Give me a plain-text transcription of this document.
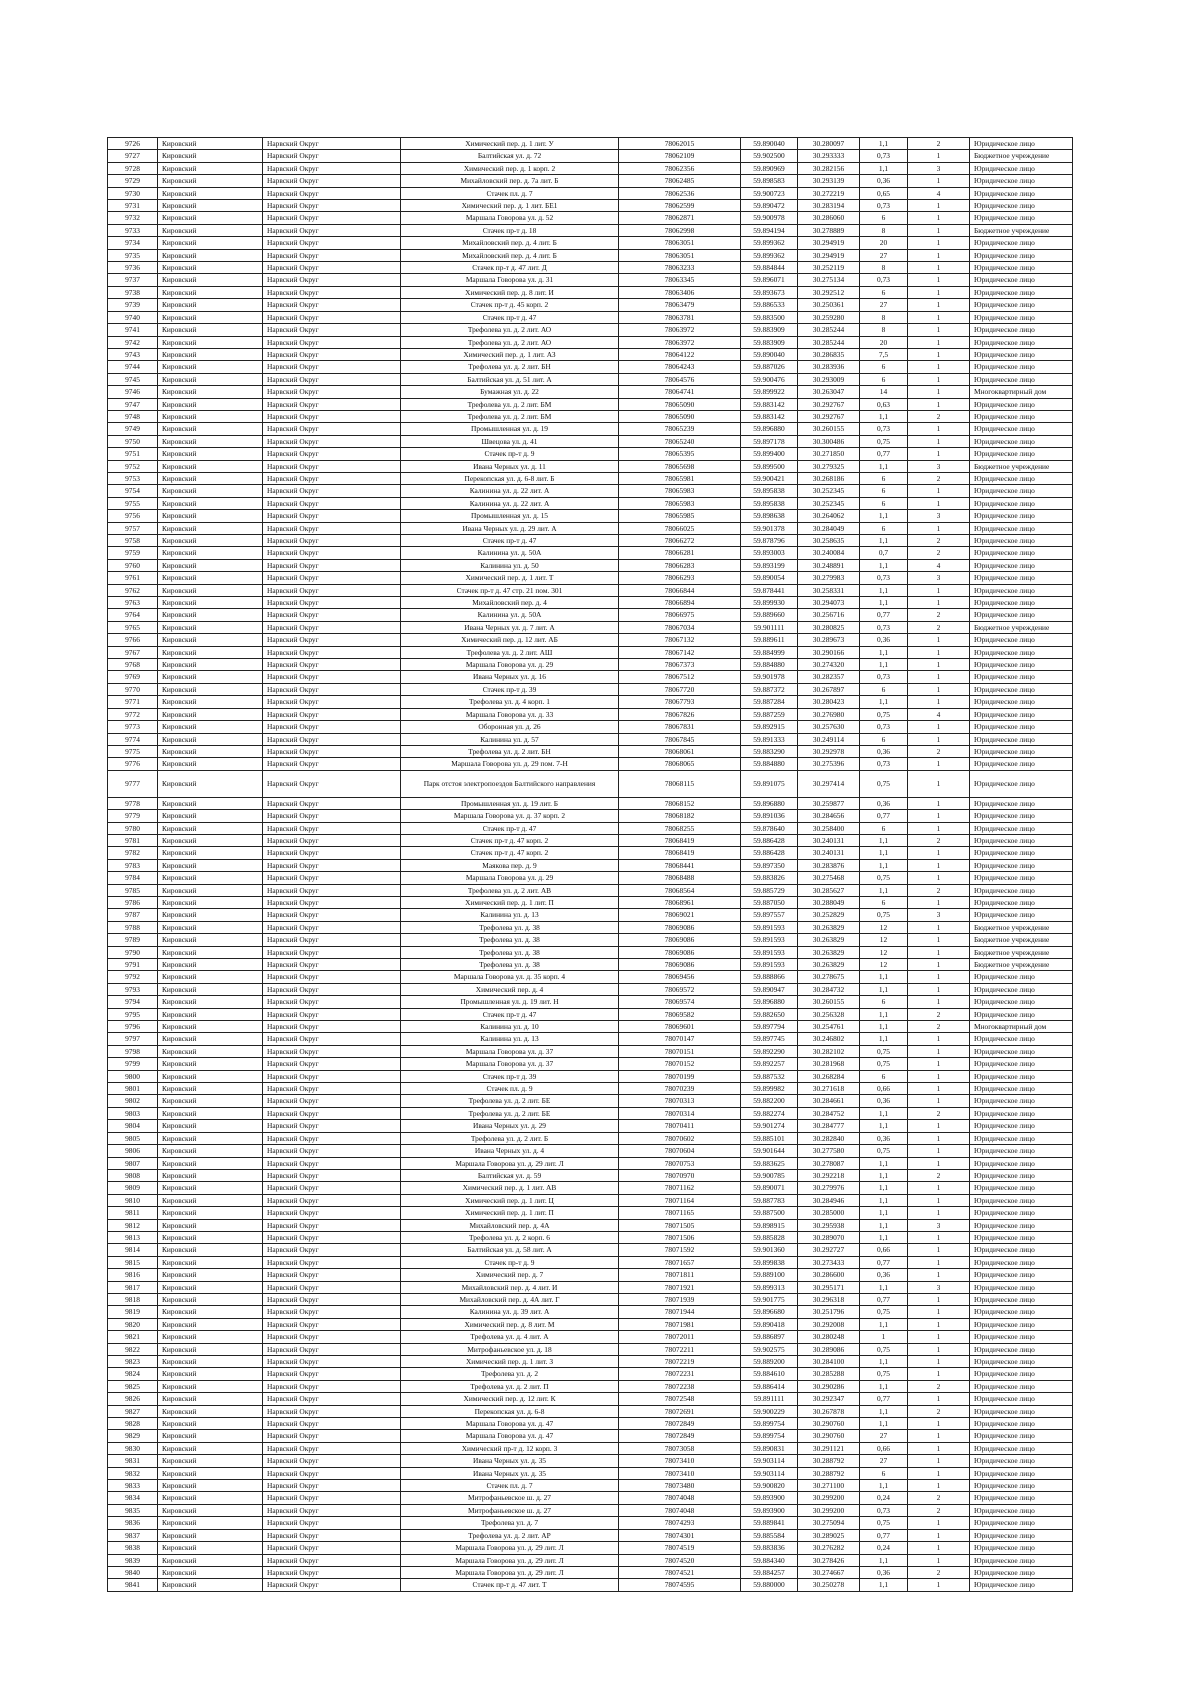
9726	Кировский	Нарвский Округ	Химический пер. д. 1 лит. У	78062015	59.890040	30.280097	1,1	2	Юридическое лицо
9727	Кировский	Нарвский Округ	Балтийская ул. д. 72	78062109	59.902500	30.293333	0,73	1	Бюджетное учреждение
9728	Кировский	Нарвский Округ	Химический пер. д. 1 корп. 2	78062356	59.890969	30.282156	1,1	3	Юридическое лицо
9729	Кировский	Нарвский Округ	Михайловский пер. д. 7а лит. Б	78062485	59.898583	30.293139	0,36	1	Юридическое лицо
9730	Кировский	Нарвский Округ	Стачек пл. д. 7	78062536	59.900723	30.272219	0,65	4	Юридическое лицо
9731	Кировский	Нарвский Округ	Химический пер. д. 1 лит. БЕ1	78062599	59.890472	30.283194	0,73	1	Юридическое лицо
9732	Кировский	Нарвский Округ	Маршала Говорова ул. д. 52	78062871	59.900978	30.286060	6	1	Юридическое лицо
9733	Кировский	Нарвский Округ	Стачек пр-т д. 18	78062998	59.894194	30.278889	8	1	Бюджетное учреждение
9734	Кировский	Нарвский Округ	Михайловский пер. д. 4 лит. Б	78063051	59.899362	30.294919	20	1	Юридическое лицо
9735	Кировский	Нарвский Округ	Михайловский пер. д. 4 лит. Б	78063051	59.899362	30.294919	27	1	Юридическое лицо
9736	Кировский	Нарвский Округ	Стачек пр-т д. 47 лит. Д	78063233	59.884844	30.252119	8	1	Юридическое лицо
9737	Кировский	Нарвский Округ	Маршала Говорова ул. д. 31	78063345	59.896071	30.275134	0,73	1	Юридическое лицо
9738	Кировский	Нарвский Округ	Химический пер. д. 8 лит. И	78063406	59.893673	30.292512	6	1	Юридическое лицо
9739	Кировский	Нарвский Округ	Стачек пр-т д. 45 корп. 2	78063479	59.886533	30.250361	27	1	Юридическое лицо
9740	Кировский	Нарвский Округ	Стачек пр-т д. 47	78063781	59.883500	30.259280	8	1	Юридическое лицо
9741	Кировский	Нарвский Округ	Трефолева ул. д. 2 лит. АО	78063972	59.883909	30.285244	8	1	Юридическое лицо
9742	Кировский	Нарвский Округ	Трефолева ул. д. 2 лит. АО	78063972	59.883909	30.285244	20	1	Юридическое лицо
9743	Кировский	Нарвский Округ	Химический пер. д. 1 лит. АЗ	78064122	59.890040	30.286835	7,5	1	Юридическое лицо
9744	Кировский	Нарвский Округ	Трефолева ул. д. 2 лит. БН	78064243	59.887026	30.283936	6	1	Юридическое лицо
9745	Кировский	Нарвский Округ	Балтийская ул. д. 51 лит. А	78064576	59.900476	30.293009	6	1	Юридическое лицо
9746	Кировский	Нарвский Округ	Бумажная ул. д. 22	78064741	59.899922	30.263047	14	1	Многоквартирный дом
9747	Кировский	Нарвский Округ	Трефолева ул. д. 2 лит. БМ	78065090	59.883142	30.292767	0,63	1	Юридическое лицо
9748	Кировский	Нарвский Округ	Трефолева ул. д. 2 лит. БМ	78065090	59.883142	30.292767	1,1	2	Юридическое лицо
9749	Кировский	Нарвский Округ	Промышленная ул. д. 19	78065239	59.896880	30.260155	0,73	1	Юридическое лицо
9750	Кировский	Нарвский Округ	Швецова ул. д. 41	78065240	59.897178	30.300486	0,75	1	Юридическое лицо
9751	Кировский	Нарвский Округ	Стачек пр-т д. 9	78065395	59.899400	30.271850	0,77	1	Юридическое лицо
9752	Кировский	Нарвский Округ	Ивана Черных ул. д. 11	78065698	59.899500	30.279325	1,1	3	Бюджетное учреждение
9753	Кировский	Нарвский Округ	Перекопская ул. д. 6-8 лит. Б	78065981	59.900421	30.268186	6	2	Юридическое лицо
9754	Кировский	Нарвский Округ	Калинина ул. д. 22 лит. А	78065983	59.895838	30.252345	6	1	Юридическое лицо
9755	Кировский	Нарвский Округ	Калинина ул. д. 22 лит. А	78065983	59.895838	30.252345	6	1	Юридическое лицо
9756	Кировский	Нарвский Округ	Промышленная ул. д. 15	78065985	59.898638	30.264062	1,1	3	Юридическое лицо
9757	Кировский	Нарвский Округ	Ивана Черных ул. д. 29 лит. А	78066025	59.901378	30.284049	6	1	Юридическое лицо
9758	Кировский	Нарвский Округ	Стачек пр-т д. 47	78066272	59.878796	30.258635	1,1	2	Юридическое лицо
9759	Кировский	Нарвский Округ	Калинина ул. д. 50А	78066281	59.893003	30.240084	0,7	2	Юридическое лицо
9760	Кировский	Нарвский Округ	Калинина ул. д. 50	78066283	59.893199	30.248891	1,1	4	Юридическое лицо
9761	Кировский	Нарвский Округ	Химический пер. д. 1 лит. Т	78066293	59.890054	30.279983	0,73	3	Юридическое лицо
9762	Кировский	Нарвский Округ	Стачек пр-т д. 47 стр. 21 пом. 301	78066844	59.878441	30.258331	1,1	1	Юридическое лицо
9763	Кировский	Нарвский Округ	Михайловский пер. д. 4	78066894	59.899930	30.294073	1,1	1	Юридическое лицо
9764	Кировский	Нарвский Округ	Калинина ул. д. 50А	78066975	59.889660	30.256716	0,77	2	Юридическое лицо
9765	Кировский	Нарвский Округ	Ивана Черных ул. д. 7 лит. А	78067034	59.901111	30.280825	0,73	2	Бюджетное учреждение
9766	Кировский	Нарвский Округ	Химический пер. д. 12 лит. АБ	78067132	59.889611	30.289673	0,36	1	Юридическое лицо
9767	Кировский	Нарвский Округ	Трефолева ул. д. 2 лит. АШ	78067142	59.884999	30.290166	1,1	1	Юридическое лицо
9768	Кировский	Нарвский Округ	Маршала Говорова ул. д. 29	78067373	59.884880	30.274320	1,1	1	Юридическое лицо
9769	Кировский	Нарвский Округ	Ивана Черных ул. д. 16	78067512	59.901978	30.282357	0,73	1	Юридическое лицо
9770	Кировский	Нарвский Округ	Стачек пр-т д. 39	78067720	59.887372	30.267897	6	1	Юридическое лицо
9771	Кировский	Нарвский Округ	Трефолева ул. д. 4 корп. 1	78067793	59.887284	30.280423	1,1	1	Юридическое лицо
9772	Кировский	Нарвский Округ	Маршала Говорова ул. д. 33	78067826	59.887259	30.276980	0,75	4	Юридическое лицо
9773	Кировский	Нарвский Округ	Оборонная ул. д. 26	78067831	59.892915	30.257630	0,73	1	Юридическое лицо
9774	Кировский	Нарвский Округ	Калинина ул. д. 57	78067845	59.891333	30.249114	6	1	Юридическое лицо
9775	Кировский	Нарвский Округ	Трефолева ул. д. 2 лит. БН	78068061	59.883290	30.292978	0,36	2	Юридическое лицо
9776	Кировский	Нарвский Округ	Маршала Говорова ул. д. 29 пом. 7-Н	78068065	59.884880	30.275396	0,73	1	Юридическое лицо
9777	Кировский	Нарвский Округ	Парк отстоя электропоездов Балтийского направления	78068115	59.891075	30.297414	0,75	1	Юридическое лицо
9778	Кировский	Нарвский Округ	Промышленная ул. д. 19 лит. Б	78068152	59.896880	30.259877	0,36	1	Юридическое лицо
9779	Кировский	Нарвский Округ	Маршала Говорова ул. д. 37 корп. 2	78068182	59.891036	30.284656	0,77	1	Юридическое лицо
9780	Кировский	Нарвский Округ	Стачек пр-т д. 47	78068255	59.878640	30.258400	6	1	Юридическое лицо
9781	Кировский	Нарвский Округ	Стачек пр-т д. 47 корп. 2	78068419	59.886428	30.240131	1,1	2	Юридическое лицо
9782	Кировский	Нарвский Округ	Стачек пр-т д. 47 корп. 2	78068419	59.886428	30.240131	1,1	1	Юридическое лицо
9783	Кировский	Нарвский Округ	Маякова пер. д. 9	78068441	59.897350	30.283876	1,1	1	Юридическое лицо
9784	Кировский	Нарвский Округ	Маршала Говорова ул. д. 29	78068488	59.883826	30.275468	0,75	1	Юридическое лицо
9785	Кировский	Нарвский Округ	Трефолева ул. д. 2 лит. АВ	78068564	59.885729	30.285627	1,1	2	Юридическое лицо
9786	Кировский	Нарвский Округ	Химический пер. д. 1 лит. П	78068961	59.887050	30.288049	6	1	Юридическое лицо
9787	Кировский	Нарвский Округ	Калинина ул. д. 13	78069021	59.897557	30.252829	0,75	3	Юридическое лицо
9788	Кировский	Нарвский Округ	Трефолева ул. д. 38	78069086	59.891593	30.263829	12	1	Бюджетное учреждение
9789	Кировский	Нарвский Округ	Трефолева ул. д. 38	78069086	59.891593	30.263829	12	1	Бюджетное учреждение
9790	Кировский	Нарвский Округ	Трефолева ул. д. 38	78069086	59.891593	30.263829	12	1	Бюджетное учреждение
9791	Кировский	Нарвский Округ	Трефолева ул. д. 38	78069086	59.891593	30.263829	12	1	Бюджетное учреждение
9792	Кировский	Нарвский Округ	Маршала Говорова ул. д. 35 корп. 4	78069456	59.888866	30.278675	1,1	1	Юридическое лицо
9793	Кировский	Нарвский Округ	Химический пер. д. 4	78069572	59.890947	30.284732	1,1	1	Юридическое лицо
9794	Кировский	Нарвский Округ	Промышленная ул. д. 19 лит. Н	78069574	59.896880	30.260155	6	1	Юридическое лицо
9795	Кировский	Нарвский Округ	Стачек пр-т д. 47	78069582	59.882650	30.256328	1,1	2	Юридическое лицо
9796	Кировский	Нарвский Округ	Калинина ул. д. 10	78069601	59.897794	30.254761	1,1	2	Многоквартирный дом
9797	Кировский	Нарвский Округ	Калинина ул. д. 13	78070147	59.897745	30.246802	1,1	1	Юридическое лицо
9798	Кировский	Нарвский Округ	Маршала Говорова ул. д. 37	78070151	59.892290	30.282102	0,75	1	Юридическое лицо
9799	Кировский	Нарвский Округ	Маршала Говорова ул. д. 37	78070152	59.892257	30.281968	0,75	1	Юридическое лицо
9800	Кировский	Нарвский Округ	Стачек пр-т д. 39	78070199	59.887532	30.268284	6	1	Юридическое лицо
9801	Кировский	Нарвский Округ	Стачек пл. д. 9	78070239	59.899982	30.271618	0,66	1	Юридическое лицо
9802	Кировский	Нарвский Округ	Трефолева ул. д. 2 лит. БЕ	78070313	59.882200	30.284661	0,36	1	Юридическое лицо
9803	Кировский	Нарвский Округ	Трефолева ул. д. 2 лит. БЕ	78070314	59.882274	30.284752	1,1	2	Юридическое лицо
9804	Кировский	Нарвский Округ	Ивана Черных ул. д. 29	78070411	59.901274	30.284777	1,1	1	Юридическое лицо
9805	Кировский	Нарвский Округ	Трефолева ул. д. 2 лит. Б	78070602	59.885101	30.282840	0,36	1	Юридическое лицо
9806	Кировский	Нарвский Округ	Ивана Черных ул. д. 4	78070604	59.901644	30.277580	0,75	1	Юридическое лицо
9807	Кировский	Нарвский Округ	Маршала Говорова ул. д. 29 лит. Л	78070753	59.883625	30.278087	1,1	1	Юридическое лицо
9808	Кировский	Нарвский Округ	Балтийская ул. д. 59	78070970	59.900785	30.292218	1,1	2	Юридическое лицо
9809	Кировский	Нарвский Округ	Химический пер. д. 1 лит. АВ	78071162	59.890071	30.279976	1,1	1	Юридическое лицо
9810	Кировский	Нарвский Округ	Химический пер. д. 1 лит. Ц	78071164	59.887783	30.284946	1,1	1	Юридическое лицо
9811	Кировский	Нарвский Округ	Химический пер. д. 1 лит. П	78071165	59.887500	30.285000	1,1	1	Юридическое лицо
9812	Кировский	Нарвский Округ	Михайловский пер. д. 4А	78071505	59.898915	30.295938	1,1	3	Юридическое лицо
9813	Кировский	Нарвский Округ	Трефолева ул. д. 2 корп. 6	78071506	59.885828	30.289070	1,1	1	Юридическое лицо
9814	Кировский	Нарвский Округ	Балтийская ул. д. 58 лит. А	78071592	59.901360	30.292727	0,66	1	Юридическое лицо
9815	Кировский	Нарвский Округ	Стачек пр-т д. 9	78071657	59.899838	30.273433	0,77	1	Юридическое лицо
9816	Кировский	Нарвский Округ	Химический пер. д. 7	78071811	59.889100	30.286600	0,36	1	Юридическое лицо
9817	Кировский	Нарвский Округ	Михайловский пер. д. 4 лит. И	78071921	59.899313	30.295171	1,1	3	Юридическое лицо
9818	Кировский	Нарвский Округ	Михайловский пер. д. 4А лит. Г	78071939	59.901775	30.296318	0,77	1	Юридическое лицо
9819	Кировский	Нарвский Округ	Калинина ул. д. 39 лит. А	78071944	59.896680	30.251796	0,75	1	Юридическое лицо
9820	Кировский	Нарвский Округ	Химический пер. д. 8 лит. М	78071981	59.890418	30.292008	1,1	1	Юридическое лицо
9821	Кировский	Нарвский Округ	Трефолева ул. д. 4 лит. А	78072011	59.886897	30.280248	1	1	Юридическое лицо
9822	Кировский	Нарвский Округ	Митрофаньевское ул. д. 18	78072211	59.902575	30.289086	0,75	1	Юридическое лицо
9823	Кировский	Нарвский Округ	Химический пер. д. 1 лит. З	78072219	59.889200	30.284100	1,1	1	Юридическое лицо
9824	Кировский	Нарвский Округ	Трефолева ул. д. 2	78072231	59.884610	30.285288	0,75	1	Юридическое лицо
9825	Кировский	Нарвский Округ	Трефолева ул. д. 2 лит. П	78072238	59.886414	30.290286	1,1	2	Юридическое лицо
9826	Кировский	Нарвский Округ	Химический пер. д. 12 лит. К	78072548	59.891111	30.292347	0,77	1	Юридическое лицо
9827	Кировский	Нарвский Округ	Перекопская ул. д. 6-8	78072691	59.900229	30.267878	1,1	2	Юридическое лицо
9828	Кировский	Нарвский Округ	Маршала Говорова ул. д. 47	78072849	59.899754	30.290760	1,1	1	Юридическое лицо
9829	Кировский	Нарвский Округ	Маршала Говорова ул. д. 47	78072849	59.899754	30.290760	27	1	Юридическое лицо
9830	Кировский	Нарвский Округ	Химический пр-т д. 12 корп. 3	78073058	59.890831	30.291121	0,66	1	Юридическое лицо
9831	Кировский	Нарвский Округ	Ивана Черных ул. д. 35	78073410	59.903114	30.288792	27	1	Юридическое лицо
9832	Кировский	Нарвский Округ	Ивана Черных ул. д. 35	78073410	59.903114	30.288792	6	1	Юридическое лицо
9833	Кировский	Нарвский Округ	Стачек пл. д. 7	78073480	59.900820	30.271100	1,1	1	Юридическое лицо
9834	Кировский	Нарвский Округ	Митрофаньевское ш. д. 27	78074048	59.893900	30.299200	0,24	2	Юридическое лицо
9835	Кировский	Нарвский Округ	Митрофаньевское ш. д. 27	78074048	59.893900	30.299200	0,73	2	Юридическое лицо
9836	Кировский	Нарвский Округ	Трефолева ул. д. 7	78074293	59.889841	30.275094	0,75	1	Юридическое лицо
9837	Кировский	Нарвский Округ	Трефолева ул. д. 2 лит. АР	78074301	59.885584	30.289025	0,77	1	Юридическое лицо
9838	Кировский	Нарвский Округ	Маршала Говорова ул. д. 29 лит. Л	78074519	59.883836	30.276282	0,24	1	Юридическое лицо
9839	Кировский	Нарвский Округ	Маршала Говорова ул. д. 29 лит. Л	78074520	59.884340	30.278426	1,1	1	Юридическое лицо
9840	Кировский	Нарвский Округ	Маршала Говорова ул. д. 29 лит. Л	78074521	59.884257	30.274667	0,36	2	Юридическое лицо
9841	Кировский	Нарвский Округ	Стачек пр-т д. 47 лит. Т	78074595	59.880000	30.250278	1,1	1	Юридическое лицо
